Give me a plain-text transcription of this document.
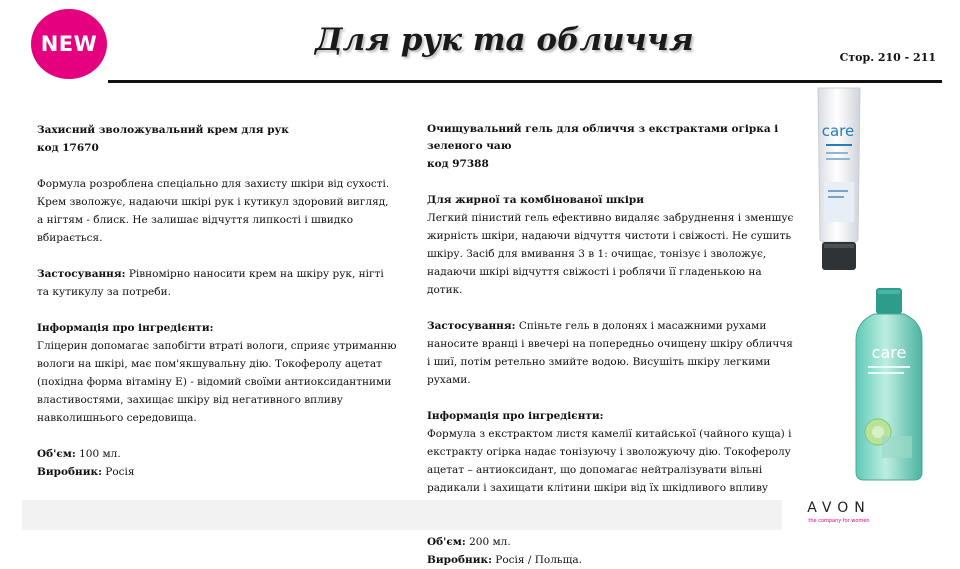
NEW	Для рук та обличчя	Стор. 210 - 211

Захисний зволожувальний крем для рук

код 17670

Формула розроблена спеціально для захисту шкіри від сухості. Крем зволожує, надаючи шкірі рук і кутикул здоровий вигляд, а нігтям - блиск. Не залишає відчуття липкості і швидко вбирається.

Застосування: Рівномірно наносити крем на шкіру рук, нігті та кутикулу за потреби.

Інформація про інгредієнти:

Гліцерин допомагає запобігти втраті вологи, сприяє утриманню вологи на шкірі, має пом'якшувальну дію. Токоферолу ацетат (похідна форма вітаміну Е) - відомий своїми антиоксидантними властивостями, захищає шкіру від негативного впливу навколишнього середовища.

Об'єм: 100 мл.

Виробник: Росія

Очищувальний гель для обличчя з екстрактами огірка і зеленого чаю

код 97388

Для жирної та комбінованої шкіри

Легкий пінистий гель ефективно видаляє забруднення і зменшує жирність шкіри, надаючи відчуття чистоти і свіжості. Не сушить шкіру. Засіб для вмивання 3 в 1: очищає, тонізує і зволожує, надаючи шкірі відчуття свіжості і роблячи її гладенькою на дотик.

Застосування: Спіньте гель в долонях і масажними рухами наносите вранці і ввечері на попередньо очищену шкіру обличчя і шиї, потім ретельно змийте водою. Висушіть шкіру легкими рухами.

Інформація про інгредієнти:

Формула з екстрактом листя камелії китайської (чайного куща) і екстракту огірка надає тонізуючу і зволожуючу дію. Токоферолу ацетат – антиоксидант, що допомагає нейтралізувати вільні радикали і захищати клітини шкіри від їх шкідливого впливу

Об'єм: 200 мл.

Виробник: Росія / Польща.

care
care
AVON
the company for women
